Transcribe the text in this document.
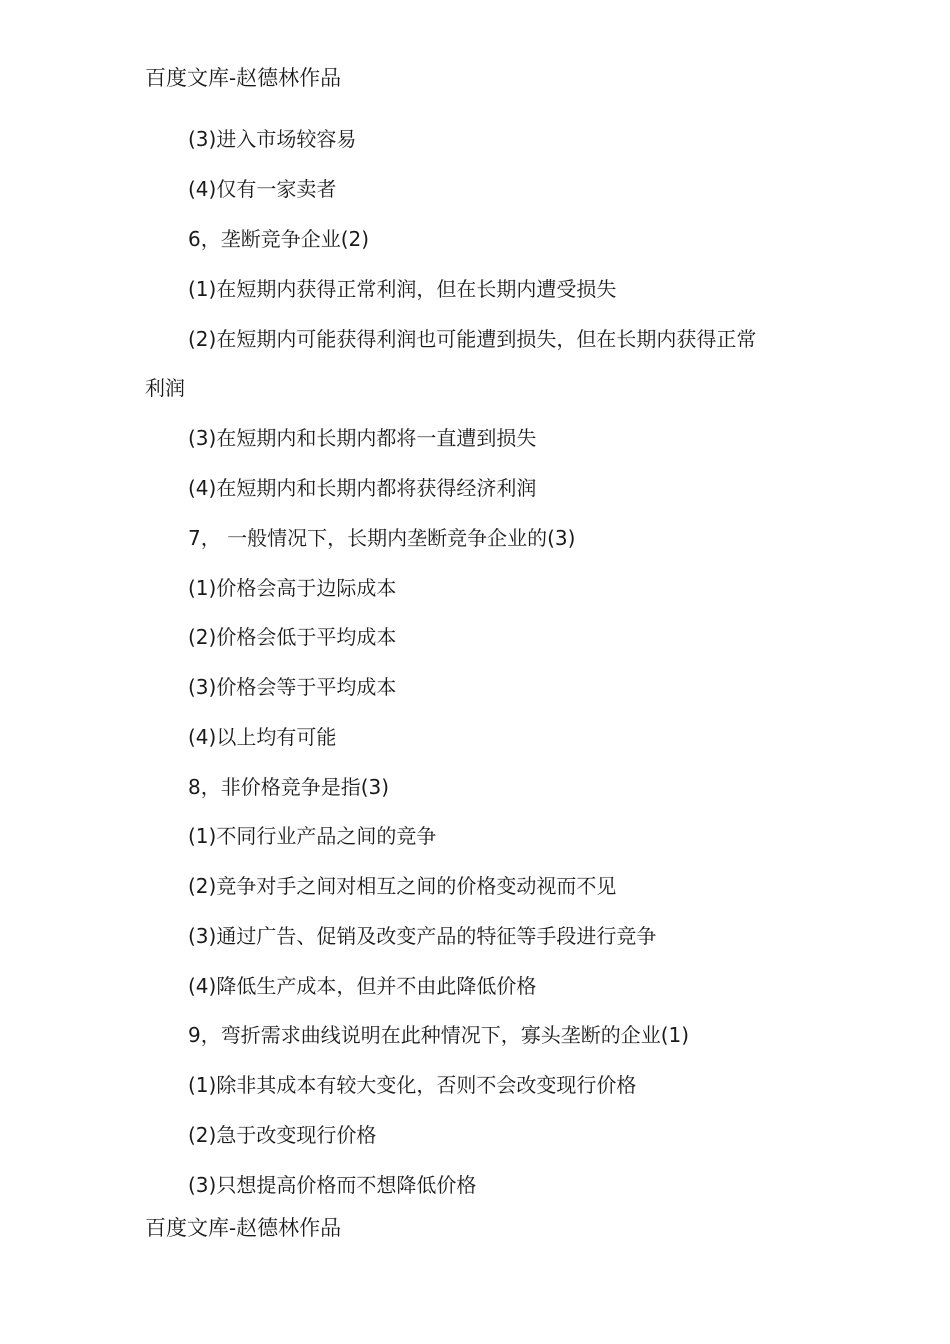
百度文库-赵德林作品
(3)进入市场较容易
(4)仅有一家卖者
6，垄断竞争企业(2)
(1)在短期内获得正常利润，但在长期内遭受损失
(2)在短期内可能获得利润也可能遭到损失，但在长期内获得正常
利润
(3)在短期内和长期内都将一直遭到损失
(4)在短期内和长期内都将获得经济利润
7， 一般情况下，长期内垄断竞争企业的(3)
(1)价格会高于边际成本
(2)价格会低于平均成本
(3)价格会等于平均成本
(4)以上均有可能
8，非价格竞争是指(3)
(1)不同行业产品之间的竞争
(2)竞争对手之间对相互之间的价格变动视而不见
(3)通过广告、促销及改变产品的特征等手段进行竞争
(4)降低生产成本，但并不由此降低价格
9，弯折需求曲线说明在此种情况下，寡头垄断的企业(1)
(1)除非其成本有较大变化，否则不会改变现行价格
(2)急于改变现行价格
(3)只想提高价格而不想降低价格
百度文库-赵德林作品
